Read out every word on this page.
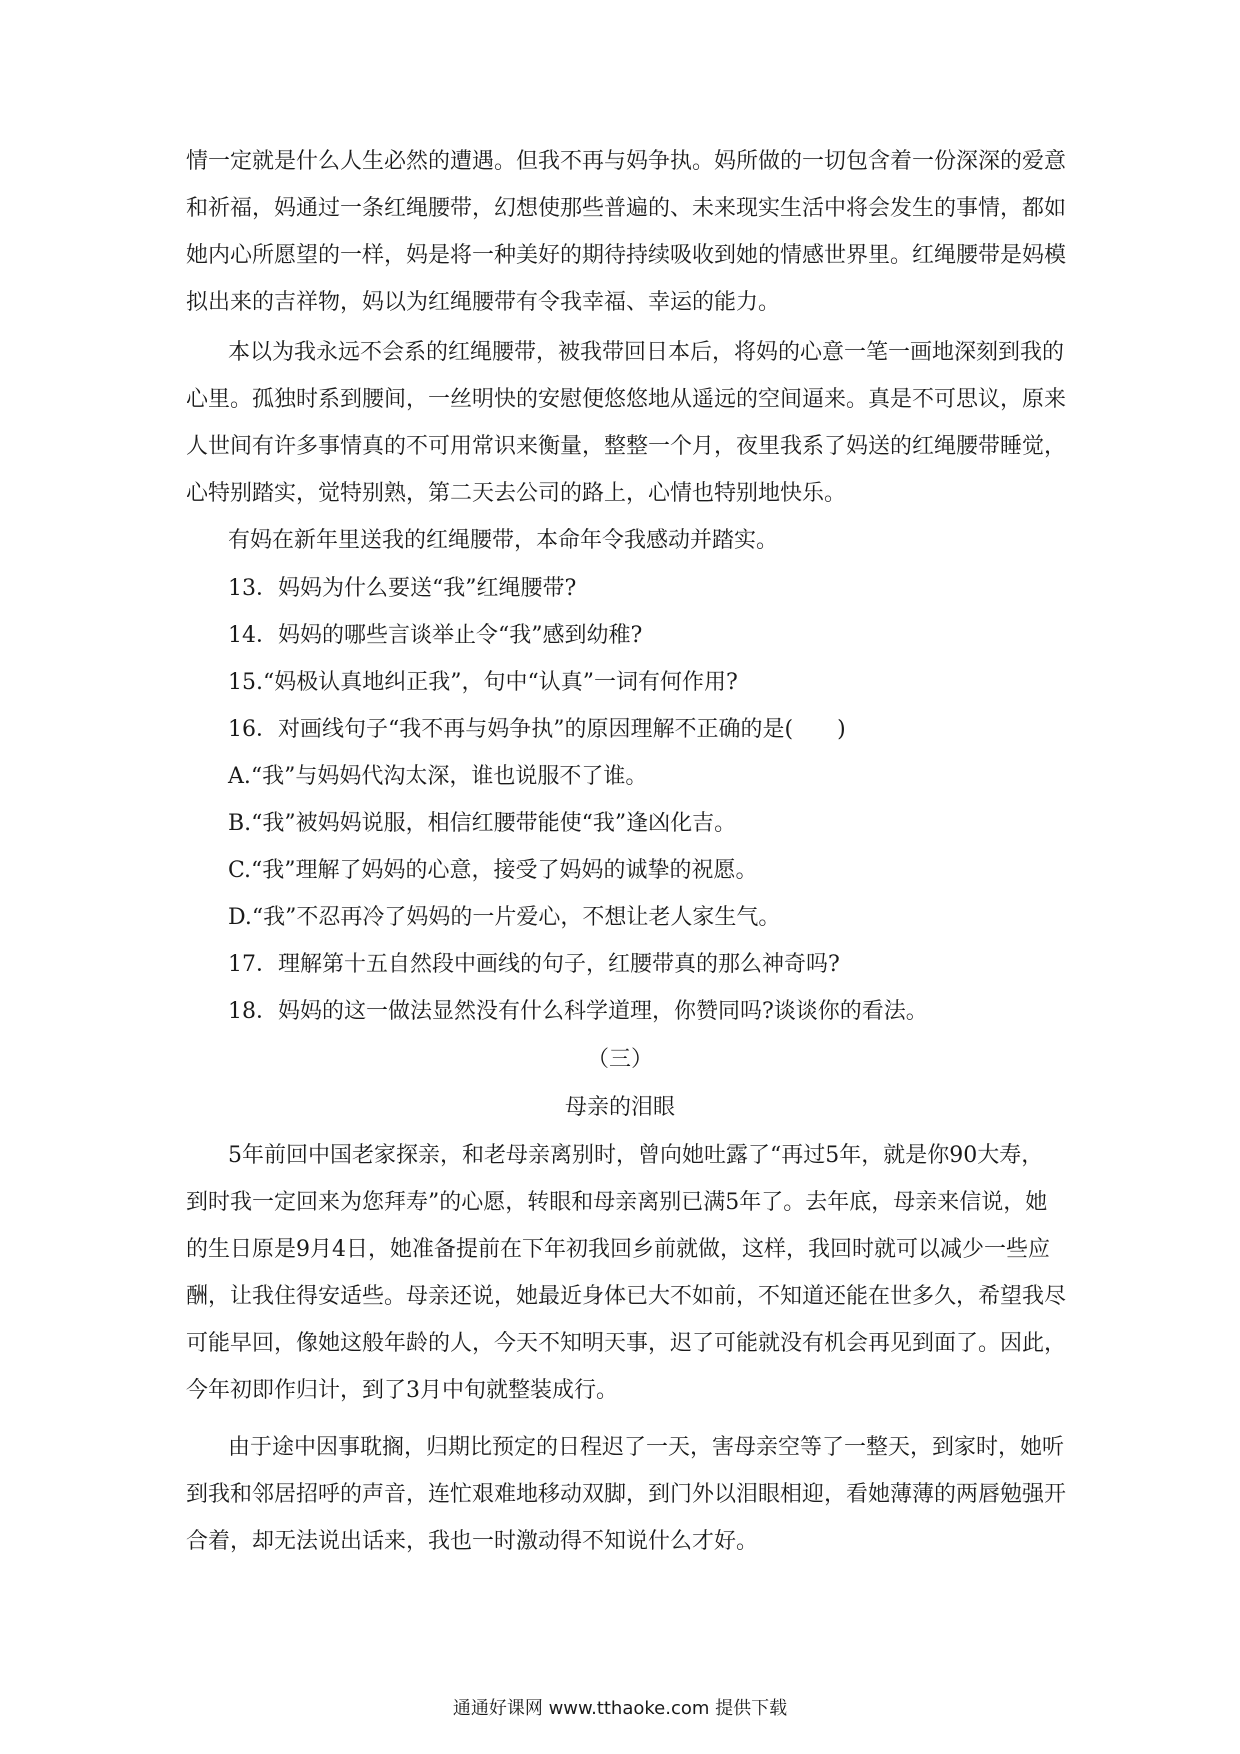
情一定就是什么人生必然的遭遇。但我不再与妈争执。妈所做的一切包含着一份深深的爱意
和祈福，妈通过一条红绳腰带，幻想使那些普遍的、未来现实生活中将会发生的事情，都如
她内心所愿望的一样，妈是将一种美好的期待持续吸收到她的情感世界里。红绳腰带是妈模
拟出来的吉祥物，妈以为红绳腰带有令我幸福、幸运的能力。
本以为我永远不会系的红绳腰带，被我带回日本后，将妈的心意一笔一画地深刻到我的
心里。孤独时系到腰间，一丝明快的安慰便悠悠地从遥远的空间逼来。真是不可思议，原来
人世间有许多事情真的不可用常识来衡量，整整一个月，夜里我系了妈送的红绳腰带睡觉，
心特别踏实，觉特别熟，第二天去公司的路上，心情也特别地快乐。
有妈在新年里送我的红绳腰带，本命年令我感动并踏实。
13．妈妈为什么要送“我”红绳腰带?
14．妈妈的哪些言谈举止令“我”感到幼稚?
15.“妈极认真地纠正我”，句中“认真”一词有何作用?
16．对画线句子“我不再与妈争执”的原因理解不正确的是(　　)
A.“我”与妈妈代沟太深，谁也说服不了谁。
B.“我”被妈妈说服，相信红腰带能使“我”逢凶化吉。
C.“我”理解了妈妈的心意，接受了妈妈的诚挚的祝愿。
D.“我”不忍再冷了妈妈的一片爱心，不想让老人家生气。
17．理解第十五自然段中画线的句子，红腰带真的那么神奇吗?
18．妈妈的这一做法显然没有什么科学道理，你赞同吗?谈谈你的看法。
（三）
母亲的泪眼
5年前回中国老家探亲，和老母亲离别时，曾向她吐露了“再过5年，就是你90大寿，
到时我一定回来为您拜寿”的心愿，转眼和母亲离别已满5年了。去年底，母亲来信说，她
的生日原是9月4日，她准备提前在下年初我回乡前就做，这样，我回时就可以减少一些应
酬，让我住得安适些。母亲还说，她最近身体已大不如前，不知道还能在世多久，希望我尽
可能早回，像她这般年龄的人，今天不知明天事，迟了可能就没有机会再见到面了。因此，
今年初即作归计，到了3月中旬就整装成行。
由于途中因事耽搁，归期比预定的日程迟了一天，害母亲空等了一整天，到家时，她听
到我和邻居招呼的声音，连忙艰难地移动双脚，到门外以泪眼相迎，看她薄薄的两唇勉强开
合着，却无法说出话来，我也一时激动得不知说什么才好。
通通好课网 www.tthaoke.com 提供下载
